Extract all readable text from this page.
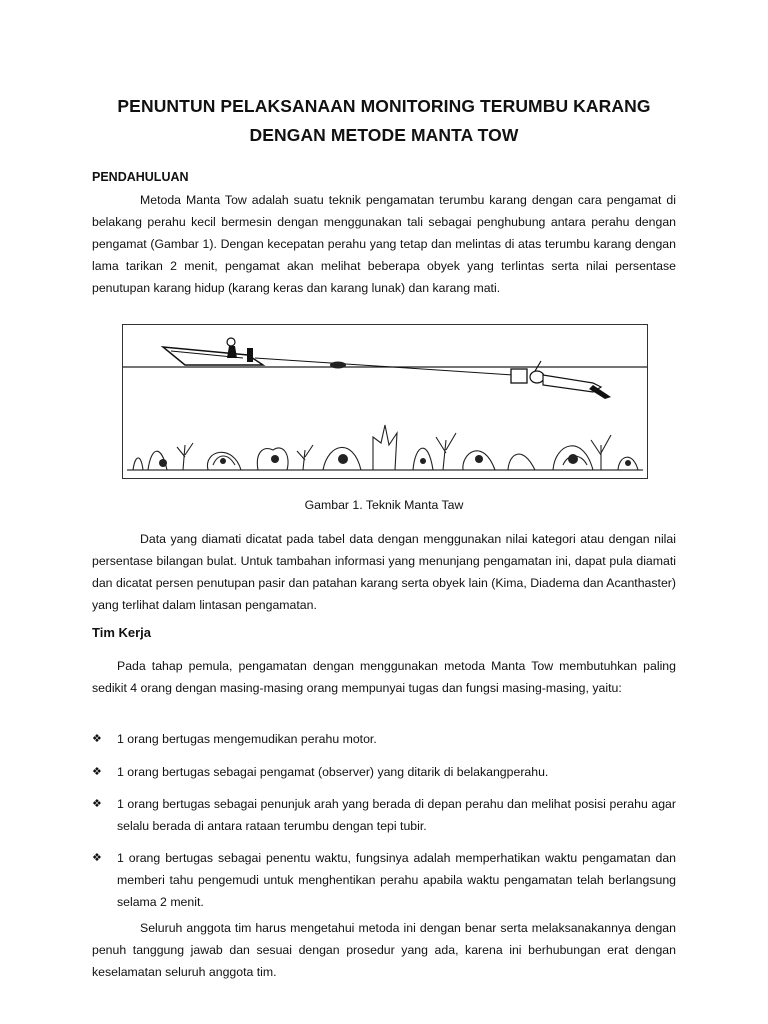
PENUNTUN PELAKSANAAN MONITORING TERUMBU KARANG
DENGAN METODE MANTA TOW
PENDAHULUAN
Metoda Manta Tow adalah suatu teknik pengamatan terumbu karang dengan cara pengamat di belakang perahu kecil bermesin dengan menggunakan tali sebagai penghubung antara perahu dengan pengamat (Gambar 1). Dengan kecepatan perahu yang tetap dan melintas di atas terumbu karang dengan lama tarikan 2 menit, pengamat akan melihat beberapa obyek yang terlintas serta nilai persentase penutupan karang hidup (karang keras dan karang lunak) dan karang mati.
Gambar 1. Teknik Manta Taw
Data yang diamati dicatat pada tabel data dengan menggunakan nilai kategori atau dengan nilai persentase bilangan bulat. Untuk tambahan informasi yang menunjang pengamatan ini, dapat pula diamati dan dicatat persen penutupan pasir dan patahan karang serta obyek lain (Kima, Diadema dan Acanthaster) yang terlihat dalam lintasan pengamatan.
Tim Kerja
Pada tahap pemula, pengamatan dengan menggunakan metoda Manta Tow membutuhkan paling sedikit 4 orang dengan masing-masing orang mempunyai tugas dan fungsi masing-masing, yaitu:
❖	1 orang bertugas mengemudikan perahu motor.
❖	1 orang bertugas sebagai pengamat (observer) yang ditarik di belakangperahu.
❖	1 orang bertugas sebagai penunjuk arah yang berada di depan perahu dan melihat posisi perahu agar selalu berada di antara rataan terumbu dengan tepi tubir.
❖	1 orang bertugas sebagai penentu waktu, fungsinya adalah memperhatikan waktu pengamatan dan memberi tahu pengemudi untuk menghentikan perahu apabila waktu pengamatan telah berlangsung selama 2 menit.
Seluruh anggota tim harus mengetahui metoda ini dengan benar serta melaksanakannya dengan penuh tanggung jawab dan sesuai dengan prosedur yang ada, karena ini berhubungan erat dengan keselamatan seluruh anggota tim.
